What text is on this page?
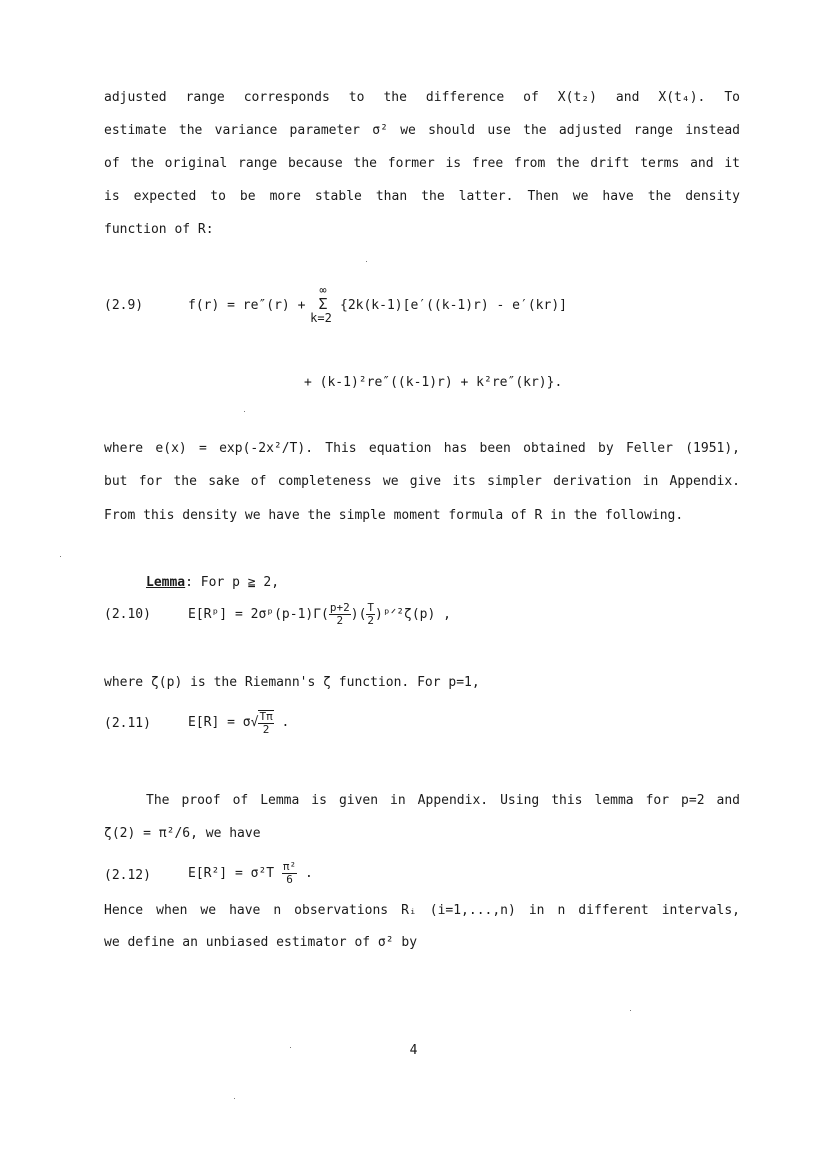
adjusted range corresponds to the difference of X(t₂) and X(t₄). To
estimate the variance parameter σ² we should use the adjusted range instead
of the original range because the former is free from the drift terms and it
is expected to be more stable than the latter. Then we have the density
function of R:
(2.9)	f(r) = re″(r) +
∞
Σ
k=2
{2k(k-1)[e′((k-1)r) - e′(kr)]
+ (k-1)²re″((k-1)r) + k²re″(kr)}.
where e(x) = exp(-2x²/T). This equation has been obtained by Feller (1951),
but for the sake of completeness we give its simpler derivation in Appendix.
From this density we have the simple moment formula of R in the following.
Lemma: For p ≧ 2,
(2.10)	E[Rᵖ] = 2σᵖ(p-1)Γ( $\frac{p+2}{2}$ )( $\frac{T}{2}$ )ᵖᐟ²ζ(p) ,
where ζ(p) is the Riemann's ζ function. For p=1,
(2.11)	$E[R] = \sigma√ \frac{T\pi}{2}$ .
The proof of Lemma is given in Appendix. Using this lemma for p=2 and
ζ(2) = π²/6, we have
(2.12)	$E[R^2] = \sigma^2T \frac{\text{π²}}{6}$ .
Hence when we have n observations Rᵢ (i=1,...,n) in n different intervals,
we define an unbiased estimator of σ² by
4
